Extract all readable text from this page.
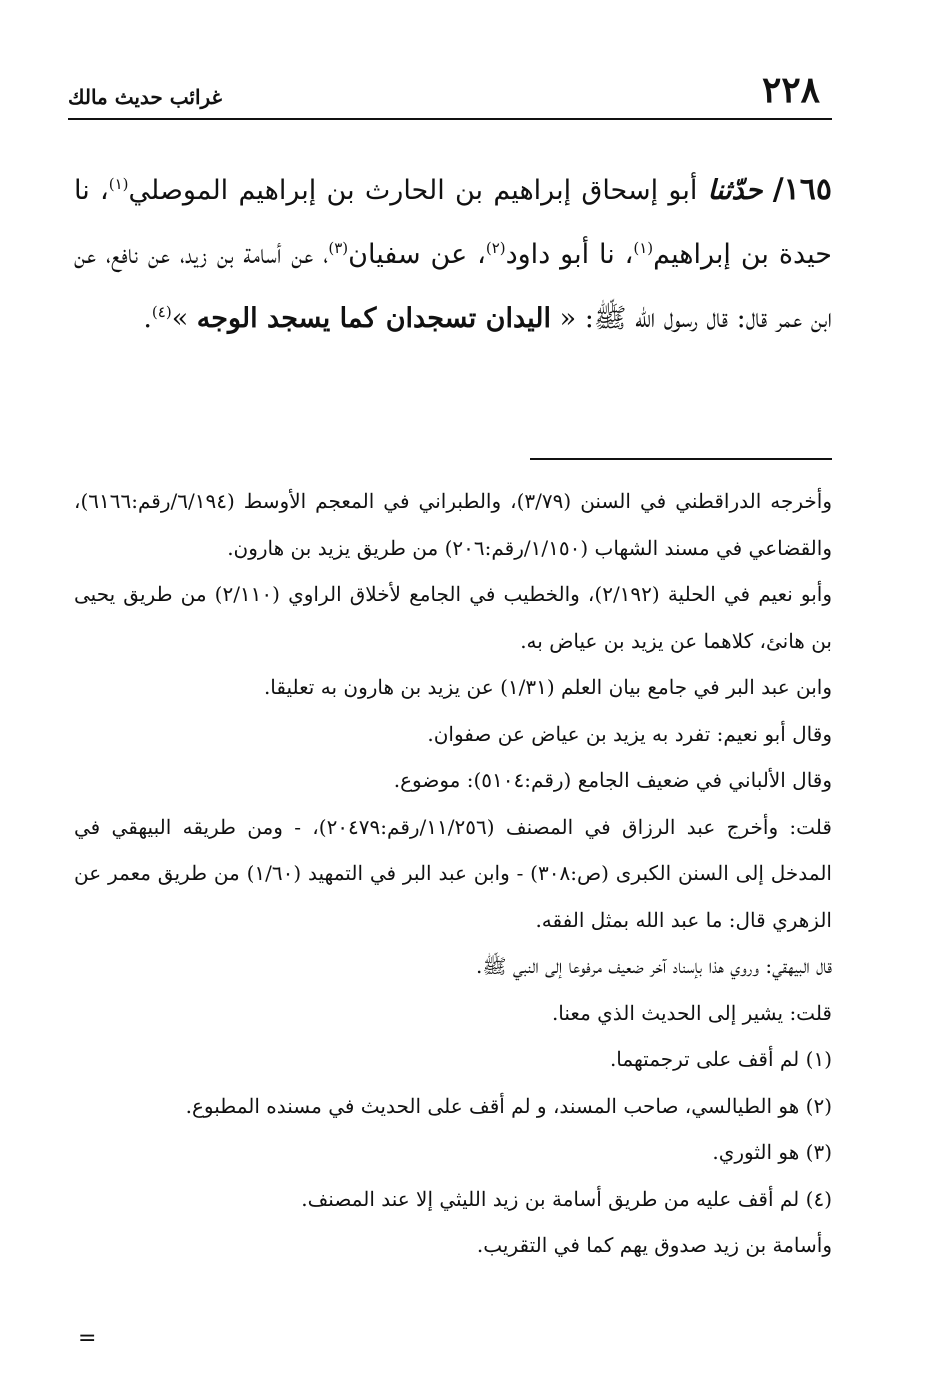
٢٢٨
غرائب حديث مالك
١٦٥/ حدّثنا أبو إسحاق إبراهيم بن الحارث بن إبراهيم الموصلي$^{(١)}$، نا حيدة بن إبراهيم$^{(١)}$، نا أبو داود$^{(٢)}$، عن سفيان$^{(٣)}$، عن أسامة بن زيد، عن نافع، عن ابن عمر قال: قال رسول الله ﷺ: « اليدان تسجدان كما يسجد الوجه »$^{(٤)}$.

وأخرجه الدراقطني في السنن (٣/٧٩)، والطبراني في المعجم الأوسط (٦/١٩٤/رقم:٦١٦٦)، والقضاعي في مسند الشهاب (١/١٥٠/رقم:٢٠٦) من طريق يزيد بن هارون.

وأبو نعيم في الحلية (٢/١٩٢)، والخطيب في الجامع لأخلاق الراوي (٢/١١٠) من طريق يحيى بن هانئ، كلاهما عن يزيد بن عياض به.

وابن عبد البر في جامع بيان العلم (١/٣١) عن يزيد بن هارون به تعليقا.

وقال أبو نعيم: تفرد به يزيد بن عياض عن صفوان.

وقال الألباني في ضعيف الجامع (رقم:٥١٠٤): موضوع.

قلت: وأخرج عبد الرزاق في المصنف (١١/٢٥٦/رقم:٢٠٤٧٩)، - ومن طريقه البيهقي في المدخل إلى السنن الكبرى (ص:٣٠٨) - وابن عبد البر في التمهيد (١/٦٠) من طريق معمر عن الزهري قال: ما عبد الله بمثل الفقه.

قال البيهقي: وروي هذا بإسناد آخر ضعيف مرفوعا إلى النبي ﷺ.

قلت: يشير إلى الحديث الذي معنا.

(١) لم أقف على ترجمتهما.

(٢) هو الطيالسي، صاحب المسند، و لم أقف على الحديث في مسنده المطبوع.

(٣) هو الثوري.

(٤) لم أقف عليه من طريق أسامة بن زيد الليثي إلا عند المصنف.

وأسامة بن زيد صدوق يهم كما في التقريب.

=
